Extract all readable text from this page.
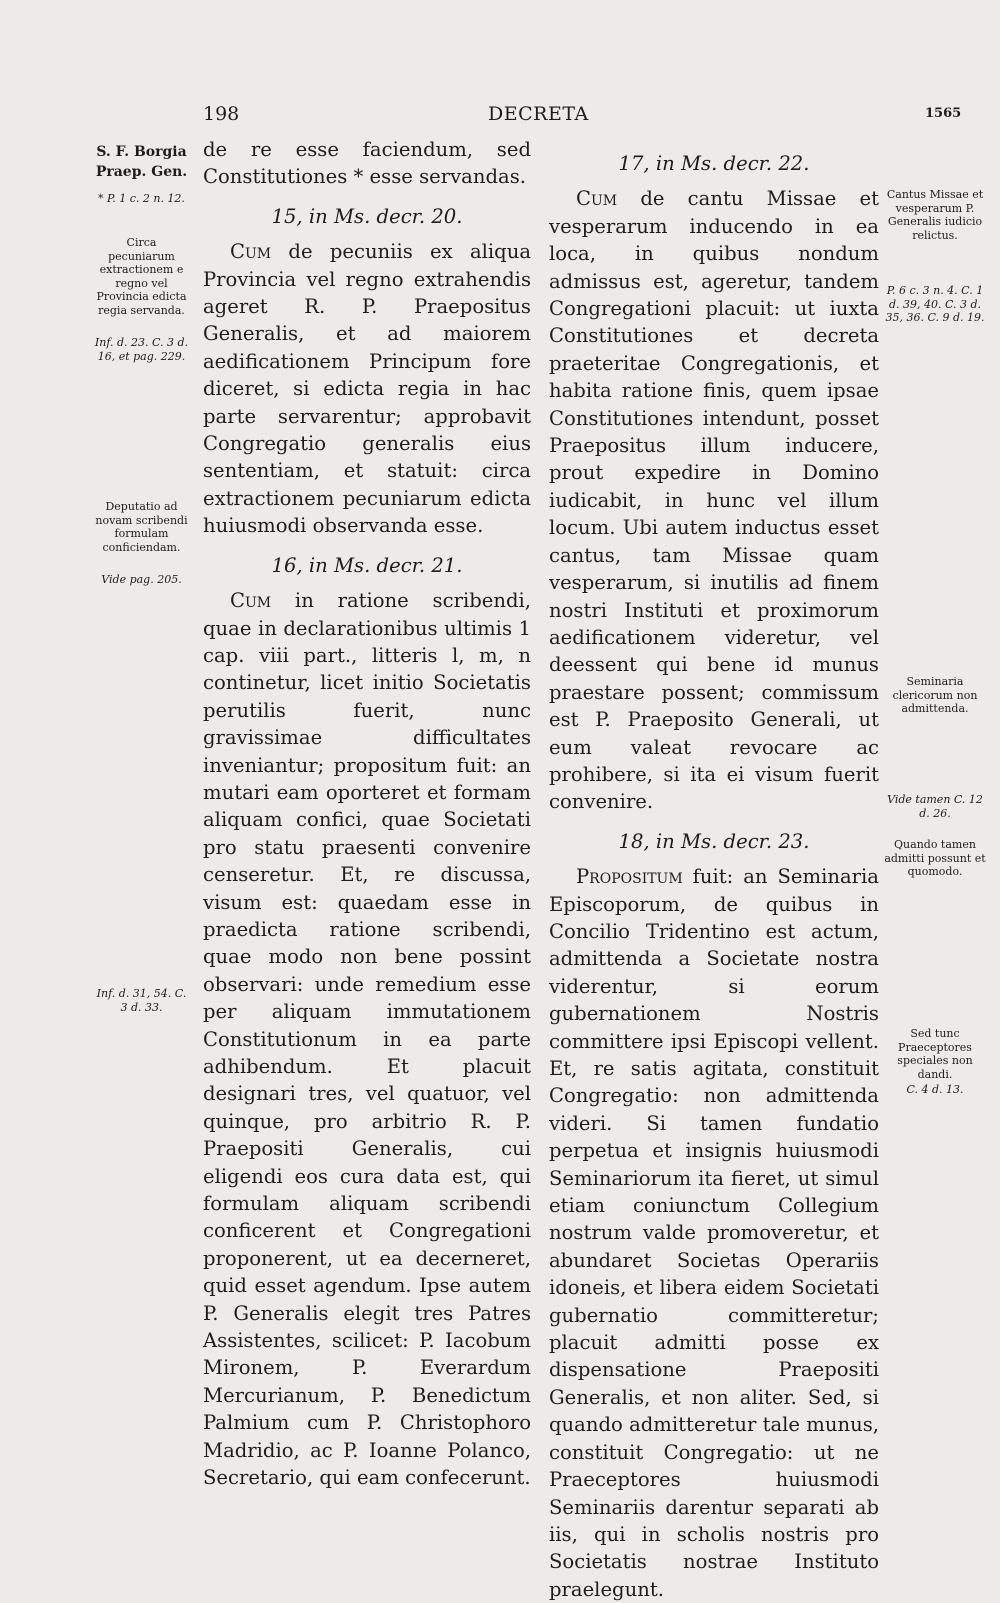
198	DECRETA	1565
S. F. Borgia
Praep. Gen.
* P. 1 c. 2 n. 12.
Circa pecuniarum extractionem e regno vel Provincia edicta regia servanda.
Inf. d. 23. C. 3 d. 16, et pag. 229.
Deputatio ad novam scribendi formulam conficiendam.
Vide pag. 205.
Inf. d. 31, 54. C. 3 d. 33.
Cantus Missae et vesperarum P. Generalis iudicio relictus.
P. 6 c. 3 n. 4. C. 1 d. 39, 40. C. 3 d. 35, 36. C. 9 d. 19.
Seminaria clericorum non admittenda.
Vide tamen C. 12 d. 26.
Quando tamen admitti possunt et quomodo.
Sed tunc Praeceptores speciales non dandi.
C. 4 d. 13.

de re esse faciendum, sed Constitutiones * esse servandas.

15, in Ms. decr. 20.

Cum de pecuniis ex aliqua Provincia vel regno extrahendis ageret R. P. Praepositus Generalis, et ad maiorem aedificationem Principum fore diceret, si edicta regia in hac parte servarentur; approbavit Congregatio generalis eius sententiam, et statuit: circa extractionem pecuniarum edicta huiusmodi observanda esse.

16, in Ms. decr. 21.

Cum in ratione scribendi, quae in declarationibus ultimis 1 cap. viii part., litteris l, m, n continetur, licet initio Societatis perutilis fuerit, nunc gravissimae difficultates inveniantur; propositum fuit: an mutari eam oporteret et formam aliquam confici, quae Societati pro statu praesenti convenire censeretur. Et, re discussa, visum est: quaedam esse in praedicta ratione scribendi, quae modo non bene possint observari: unde remedium esse per aliquam immutationem Constitutionum in ea parte adhibendum. Et placuit designari tres, vel quatuor, vel quinque, pro arbitrio R. P. Praepositi Generalis, cui eligendi eos cura data est, qui formulam aliquam scribendi conficerent et Congregationi proponerent, ut ea decerneret, quid esset agendum. Ipse autem P. Generalis elegit tres Patres Assistentes, scilicet: P. Iacobum Mironem, P. Everardum Mercurianum, P. Benedictum Palmium cum P. Christophoro Madridio, ac P. Ioanne Polanco, Secretario, qui eam confecerunt.

17, in Ms. decr. 22.

Cum de cantu Missae et vesperarum inducendo in ea loca, in quibus nondum admissus est, ageretur, tandem Congregationi placuit: ut iuxta Constitutiones et decreta praeteritae Congregationis, et habita ratione finis, quem ipsae Constitutiones intendunt, posset Praepositus illum inducere, prout expedire in Domino iudicabit, in hunc vel illum locum. Ubi autem inductus esset cantus, tam Missae quam vesperarum, si inutilis ad finem nostri Instituti et proximorum aedificationem videretur, vel deessent qui bene id munus praestare possent; commissum est P. Praeposito Generali, ut eum valeat revocare ac prohibere, si ita ei visum fuerit convenire.

18, in Ms. decr. 23.

Propositum fuit: an Seminaria Episcoporum, de quibus in Concilio Tridentino est actum, admittenda a Societate nostra viderentur, si eorum gubernationem Nostris committere ipsi Episcopi vellent. Et, re satis agitata, constituit Congregatio: non admittenda videri. Si tamen fundatio perpetua et insignis huiusmodi Seminariorum ita fieret, ut simul etiam coniunctum Collegium nostrum valde promoveretur, et abundaret Societas Operariis idoneis, et libera eidem Societati gubernatio committeretur; placuit admitti posse ex dispensatione Praepositi Generalis, et non aliter. Sed, si quando admitteretur tale munus, constituit Congregatio: ut ne Praeceptores huiusmodi Seminariis darentur separati ab iis, qui in scholis nostris pro Societatis nostrae Instituto praelegunt.
